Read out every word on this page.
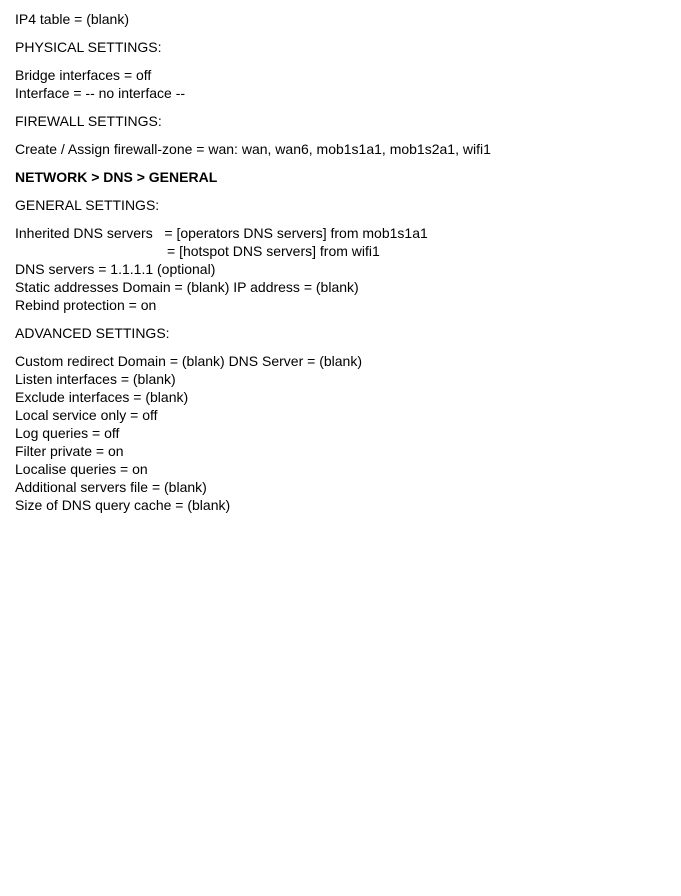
IP4 table = (blank)
PHYSICAL SETTINGS:
Bridge interfaces = off
Interface = -- no interface --
FIREWALL SETTINGS:
Create / Assign firewall-zone = wan: wan, wan6, mob1s1a1, mob1s2a1, wifi1
NETWORK > DNS > GENERAL
GENERAL SETTINGS:
Inherited DNS servers   = [operators DNS servers] from mob1s1a1
= [hotspot DNS servers] from wifi1
DNS servers = 1.1.1.1 (optional)
Static addresses Domain = (blank) IP address = (blank)
Rebind protection = on
ADVANCED SETTINGS:
Custom redirect Domain = (blank) DNS Server = (blank)
Listen interfaces = (blank)
Exclude interfaces = (blank)
Local service only = off
Log queries = off
Filter private = on
Localise queries = on
Additional servers file = (blank)
Size of DNS query cache = (blank)
